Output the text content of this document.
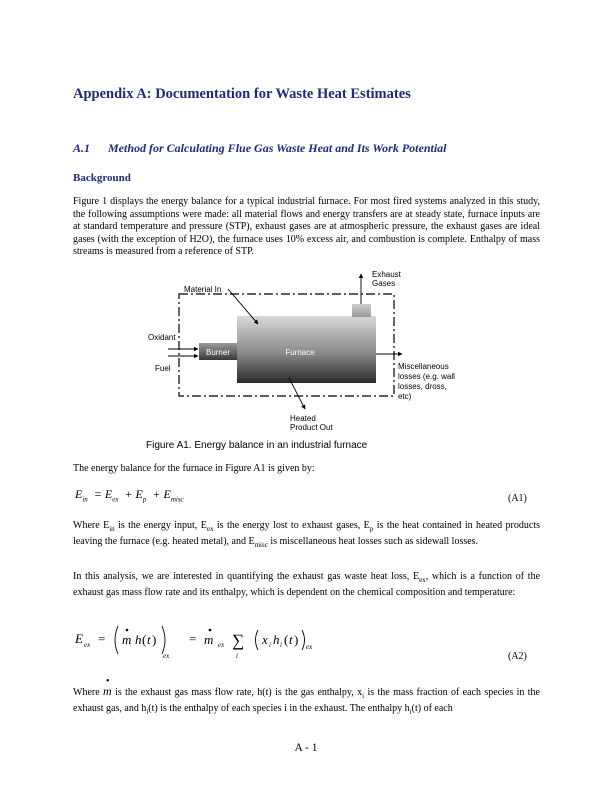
Appendix A: Documentation for Waste Heat Estimates
A.1 Method for Calculating Flue Gas Waste Heat and Its Work Potential
Background
Figure 1 displays the energy balance for a typical industrial furnace. For most fired systems analyzed in this study, the following assumptions were made: all material flows and energy transfers are at steady state, furnace inputs are at standard temperature and pressure (STP), exhaust gases are at atmospheric pressure, the exhaust gases are ideal gases (with the exception of H2O), the furnace uses 10% excess air, and combustion is complete. Enthalpy of mass streams is measured from a reference of STP.
Burner	Furnace
Material In
Exhaust
Gases
Oxidant
Fuel	Miscellaneous
losses (e.g. wall
losses, dross,
etc)
Heated
Product Out
Figure A1. Energy balance in an industrial furnace
The energy balance for the furnace in Figure A1 is given by:
$E_{in} = E_{ex} + E_p + E_{misc}$	(A1)
Where $E_{in}$ is the energy input, $E_{ex}$ is the energy lost to exhaust gases, $E_p$ is the heat contained in heated products leaving the furnace (e.g. heated metal), and $E_{misc}$ is miscellaneous heat losses such as sidewall losses.
In this analysis, we are interested in quantifying the exhaust gas waste heat loss, $E_{ex}$, which is a function of the exhaust gas mass flow rate and its enthalpy, which is dependent on the chemical composition and temperature:
E ex = m h ( t )
ex
= m ex ∑
i
x i h i ( t ) ex
(A2)
Where
•
m is the exhaust gas mass flow rate, h(t) is the gas enthalpy, $x_i$ is the mass fraction of each species in the exhaust gas, and $h_i(t)$ is the enthalpy of each species i in the exhaust. The enthalpy $h_i(t)$ of each
A - 1
